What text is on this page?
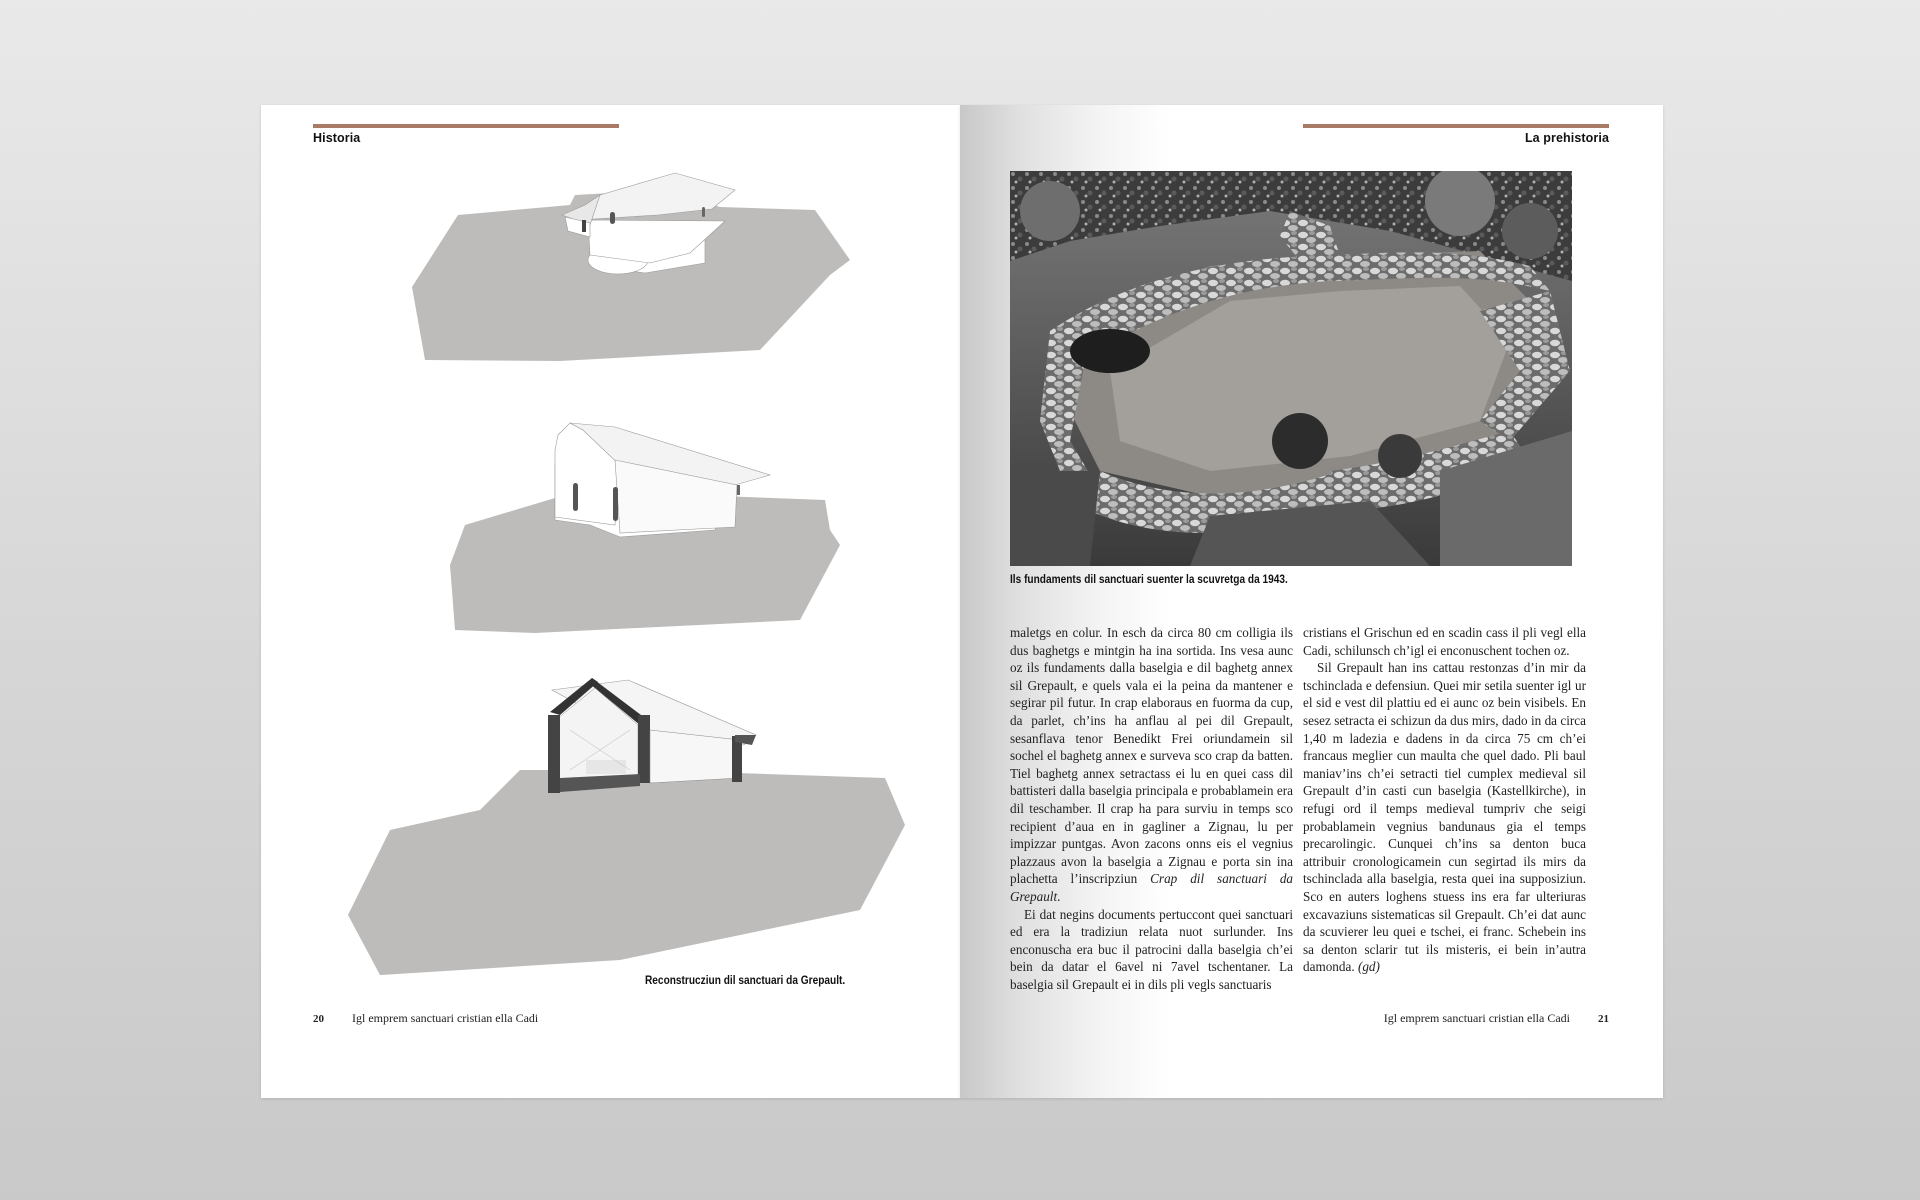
Historia
Reconstrucziun dil sanctuari da Grepault.
20 Igl emprem sanctuari cristian ella Cadi
La prehistoria
Ils fundaments dil sanctuari suenter la scuvretga da 1943.

maletgs en colur. In esch da circa 80 cm colligia ils dus baghetgs e mintgin ha ina sortida. Ins vesa aunc oz ils fundaments dalla baselgia e dil baghetg annex sil Grepault, e quels vala ei la peina da mantener e segirar pil futur. In crap elaboraus en fuorma da cup, da parlet, ch’ins ha anflau al pei dil Grepault, sesanflava tenor Benedikt Frei oriundamein sil sochel el baghetg annex e surveva sco crap da batten. Tiel baghetg annex setractass ei lu en quei cass dil battisteri dalla baselgia principala e probablamein era dil teschamber. Il crap ha para surviu in temps sco recipient d’aua en in gagliner a Zignau, lu per impizzar puntgas. Avon zacons onns eis el vegnius plazzaus avon la baselgia a Zignau e porta sin ina plachetta l’inscripziun Crap dil sanctuari da Grepault.

Ei dat negins documents pertuccont quei sanctuari ed era la tradiziun relata nuot surlunder. Ins enconuscha era buc il patrocini dalla baselgia ch’ei bein da datar el 6avel ni 7avel tschentaner. La baselgia sil Grepault ei in dils pli vegls sanctuaris

cristians el Grischun ed en scadin cass il pli vegl ella Cadi, schilunsch ch’igl ei enconuschent tochen oz.

Sil Grepault han ins cattau restonzas d’in mir da tschinclada e defensiun. Quei mir setila suenter igl ur el sid e vest dil plattiu ed ei aunc oz bein visibels. En sesez setracta ei schizun da dus mirs, dado in da circa 1,40 m ladezia e dadens in da circa 75 cm ch’ei francaus meglier cun maulta che quel dado. Pli baul maniav’ins ch’ei setracti tiel cumplex medieval sil Grepault d’in casti cun baselgia (Kastellkirche), in refugi ord il temps medieval tumpriv che seigi probablamein vegnius bandunaus gia el temps precarolingic. Cunquei ch’ins sa denton buca attribuir cronologicamein cun segirtad ils mirs da tschinclada alla baselgia, resta quei ina supposiziun. Sco en auters loghens stuess ins era far ulteriuras excavaziuns sistematicas sil Grepault. Ch’ei dat aunc da scuvierer leu quei e tschei, ei franc. Schebein ins sa denton sclarir tut ils misteris, ei bein in’autra damonda. (gd)

Igl emprem sanctuari cristian ella Cadi	21
